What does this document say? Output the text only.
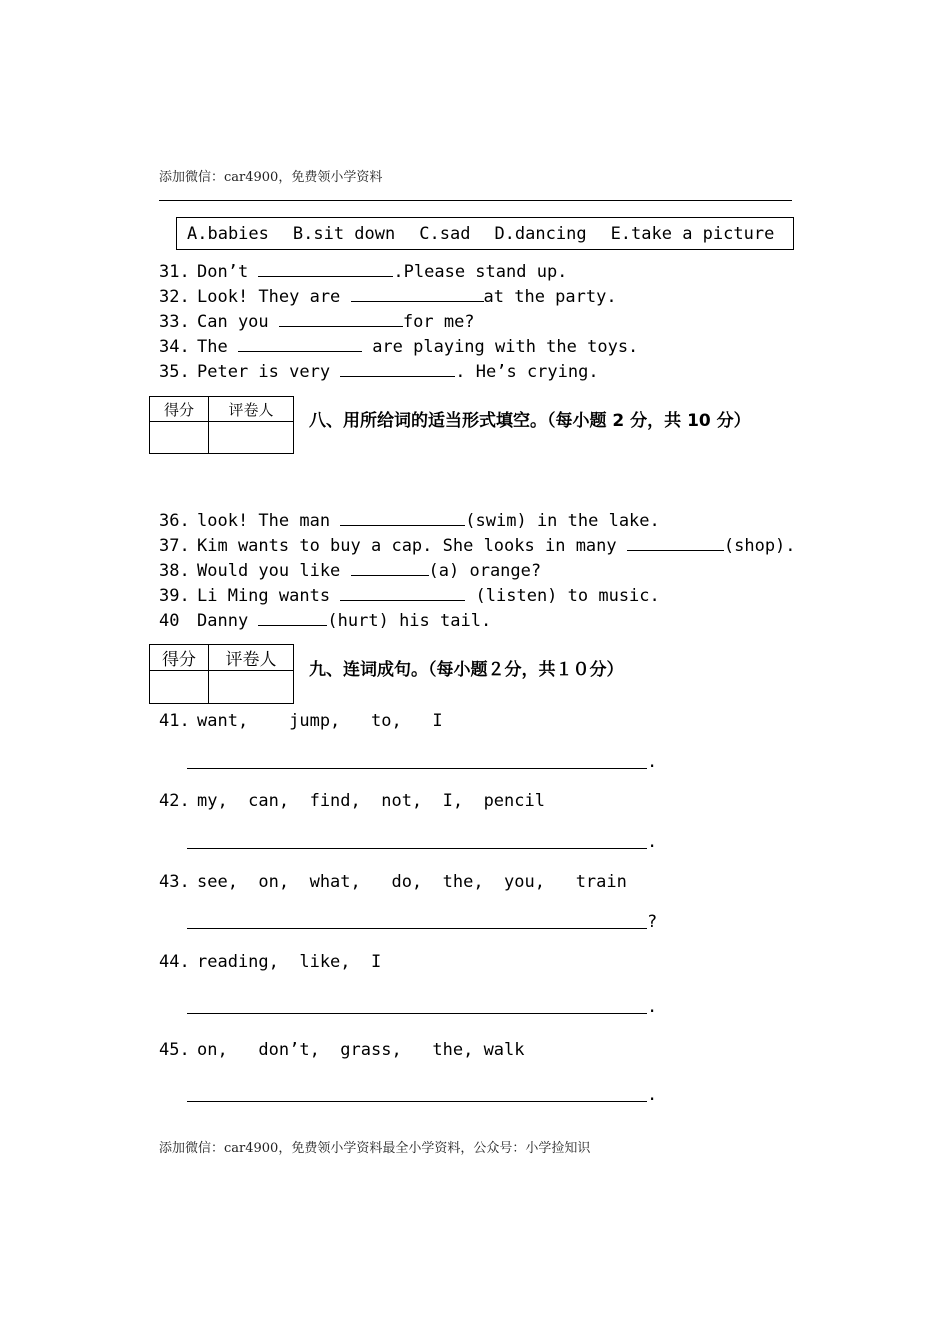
添加微信：car4900，免费领小学资料
A.babies B.sit down C.sad D.dancing E.take a picture
31. Don’t	.Please stand up.
32. Look! They are	at the party.
33. Can you	for me?
34. The	are playing with the toys.
35. Peter is very	. He’s crying.
得分	评卷人

八、用所给词的适当形式填空。（每小题 2 分，共 10 分）
36. look! The man	(swim) in the lake.
37. Kim wants to buy a cap. She looks in many	(shop).
38. Would you like	(a) orange?
39. Li Ming wants	(listen) to music.
40 Danny	(hurt) his tail.
得分	评卷人
	九、连词成句。（每小题２分，共１０分）
41. want,    jump,   to,   I
.
42. my,  can,  find,  not,  I,  pencil
.
43. see,  on,  what,   do,  the,  you,   train
?
44. reading,  like,  I
.
45. on,   don’t,  grass,   the, walk
.
添加微信：car4900，免费领小学资料最全小学资料，公众号：小学捡知识
